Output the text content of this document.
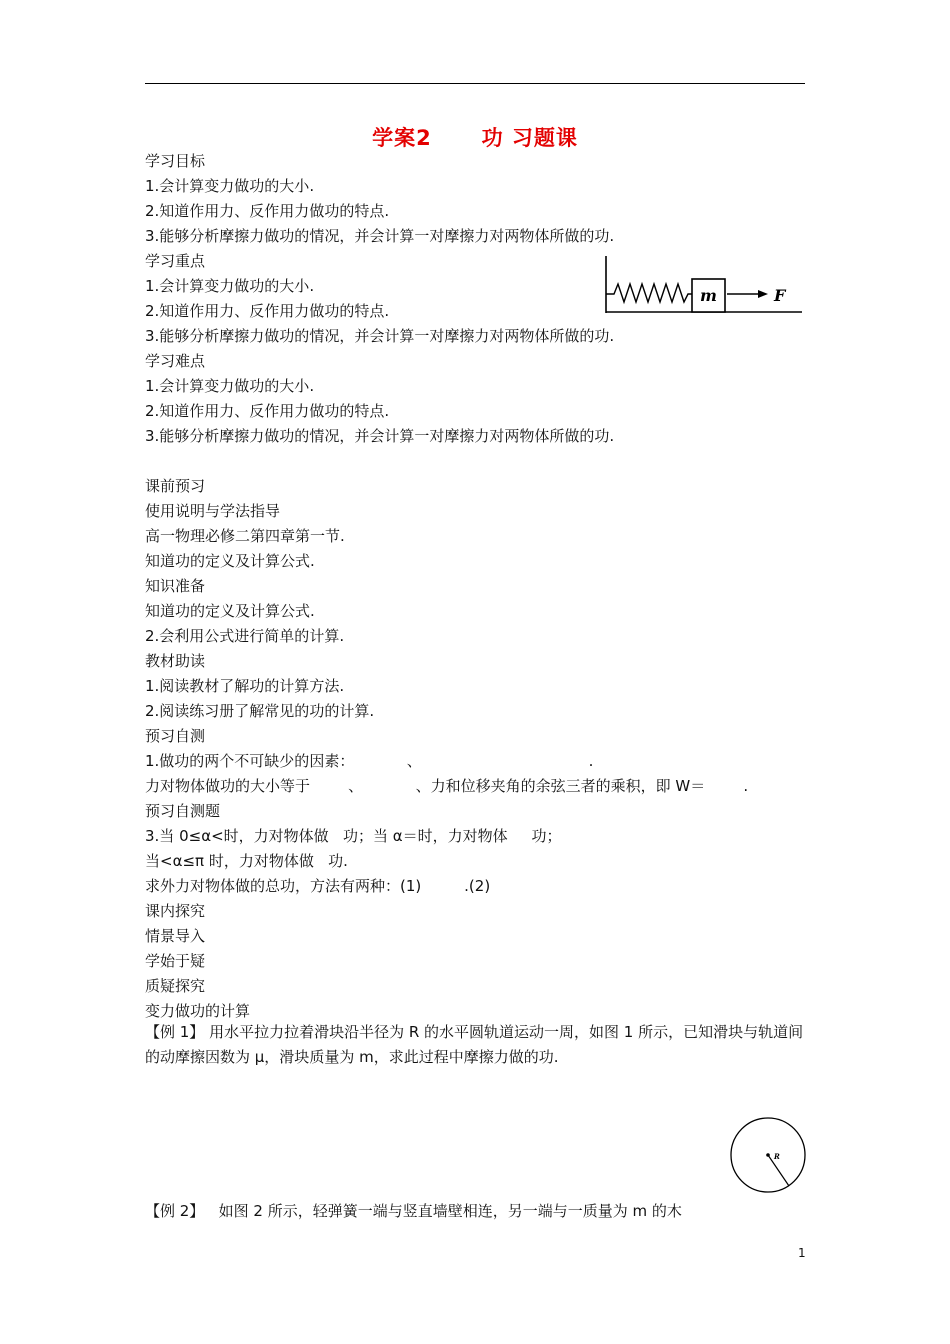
学案2      功 习题课
学习目标
1.会计算变力做功的大小.
2.知道作用力、反作用力做功的特点.
3.能够分析摩擦力做功的情况，并会计算一对摩擦力对两物体所做的功.
学习重点
1.会计算变力做功的大小.
2.知道作用力、反作用力做功的特点.
3.能够分析摩擦力做功的情况，并会计算一对摩擦力对两物体所做的功.
学习难点
1.会计算变力做功的大小.
2.知道作用力、反作用力做功的特点.
3.能够分析摩擦力做功的情况，并会计算一对摩擦力对两物体所做的功.
课前预习
使用说明与学法指导
高一物理必修二第四章第一节.
知道功的定义及计算公式.
知识准备
知道功的定义及计算公式.
2.会利用公式进行简单的计算.
教材助读
1.阅读教材了解功的计算方法.
2.阅读练习册了解常见的功的计算.
预习自测
1.做功的两个不可缺少的因素：           、                                   .
力对物体做功的大小等于        、           、力和位移夹角的余弦三者的乘积，即 W＝        .
预习自测题
3.当 0≤α<时，力对物体做   功；当 α＝时，力对物体     功；
当<α≤π 时，力对物体做   功.
求外力对物体做的总功，方法有两种：(1)         .(2)
课内探究
情景导入
学始于疑
质疑探究
变力做功的计算
【例 1】 用水平拉力拉着滑块沿半径为 R 的水平圆轨道运动一周，如图 1 所示，已知滑块与轨道间的动摩擦因数为 μ，滑块质量为 m，求此过程中摩擦力做的功.
【例 2】   如图 2 所示，轻弹簧一端与竖直墙壁相连，另一端与一质量为 m 的木
m	F
R
1
